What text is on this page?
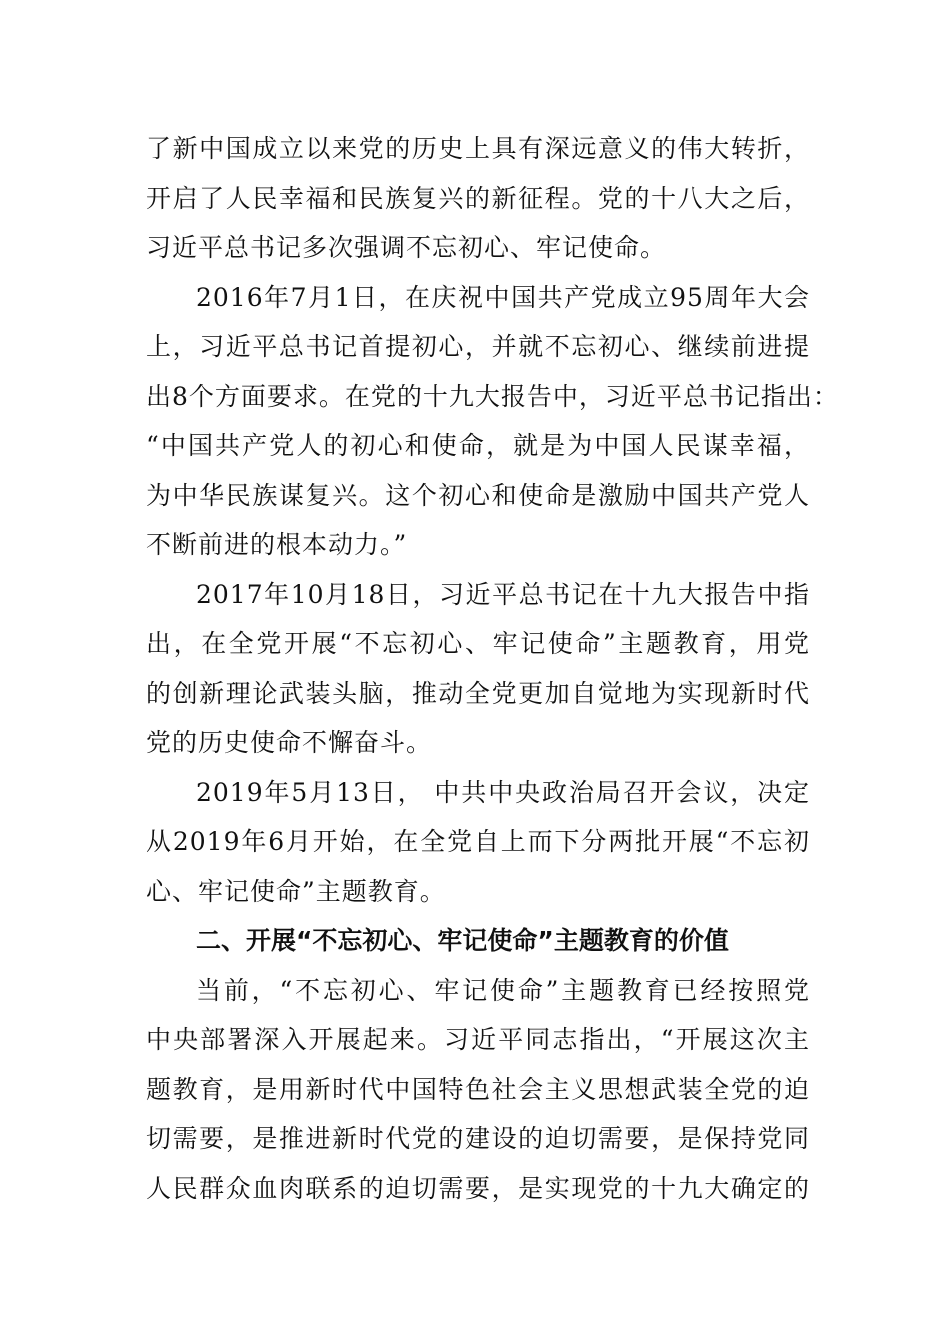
了新中国成立以来党的历史上具有深远意义的伟大转折，
开启了人民幸福和民族复兴的新征程。党的十八大之后，
习近平总书记多次强调不忘初心、牢记使命。
2016年7月1日，在庆祝中国共产党成立95周年大会
上，习近平总书记首提初心，并就不忘初心、继续前进提
出8个方面要求。在党的十九大报告中，习近平总书记指出：
“中国共产党人的初心和使命，就是为中国人民谋幸福，
为中华民族谋复兴。这个初心和使命是激励中国共产党人
不断前进的根本动力。”
2017年10月18日，习近平总书记在十九大报告中指
出，在全党开展“不忘初心、牢记使命”主题教育，用党
的创新理论武装头脑，推动全党更加自觉地为实现新时代
党的历史使命不懈奋斗。
2019年5月13日， 中共中央政治局召开会议，决定
从2019年6月开始，在全党自上而下分两批开展“不忘初
心、牢记使命”主题教育。
二、开展“不忘初心、牢记使命”主题教育的价值
当前，“不忘初心、牢记使命”主题教育已经按照党
中央部署深入开展起来。习近平同志指出，“开展这次主
题教育，是用新时代中国特色社会主义思想武装全党的迫
切需要，是推进新时代党的建设的迫切需要，是保持党同
人民群众血肉联系的迫切需要，是实现党的十九大确定的
